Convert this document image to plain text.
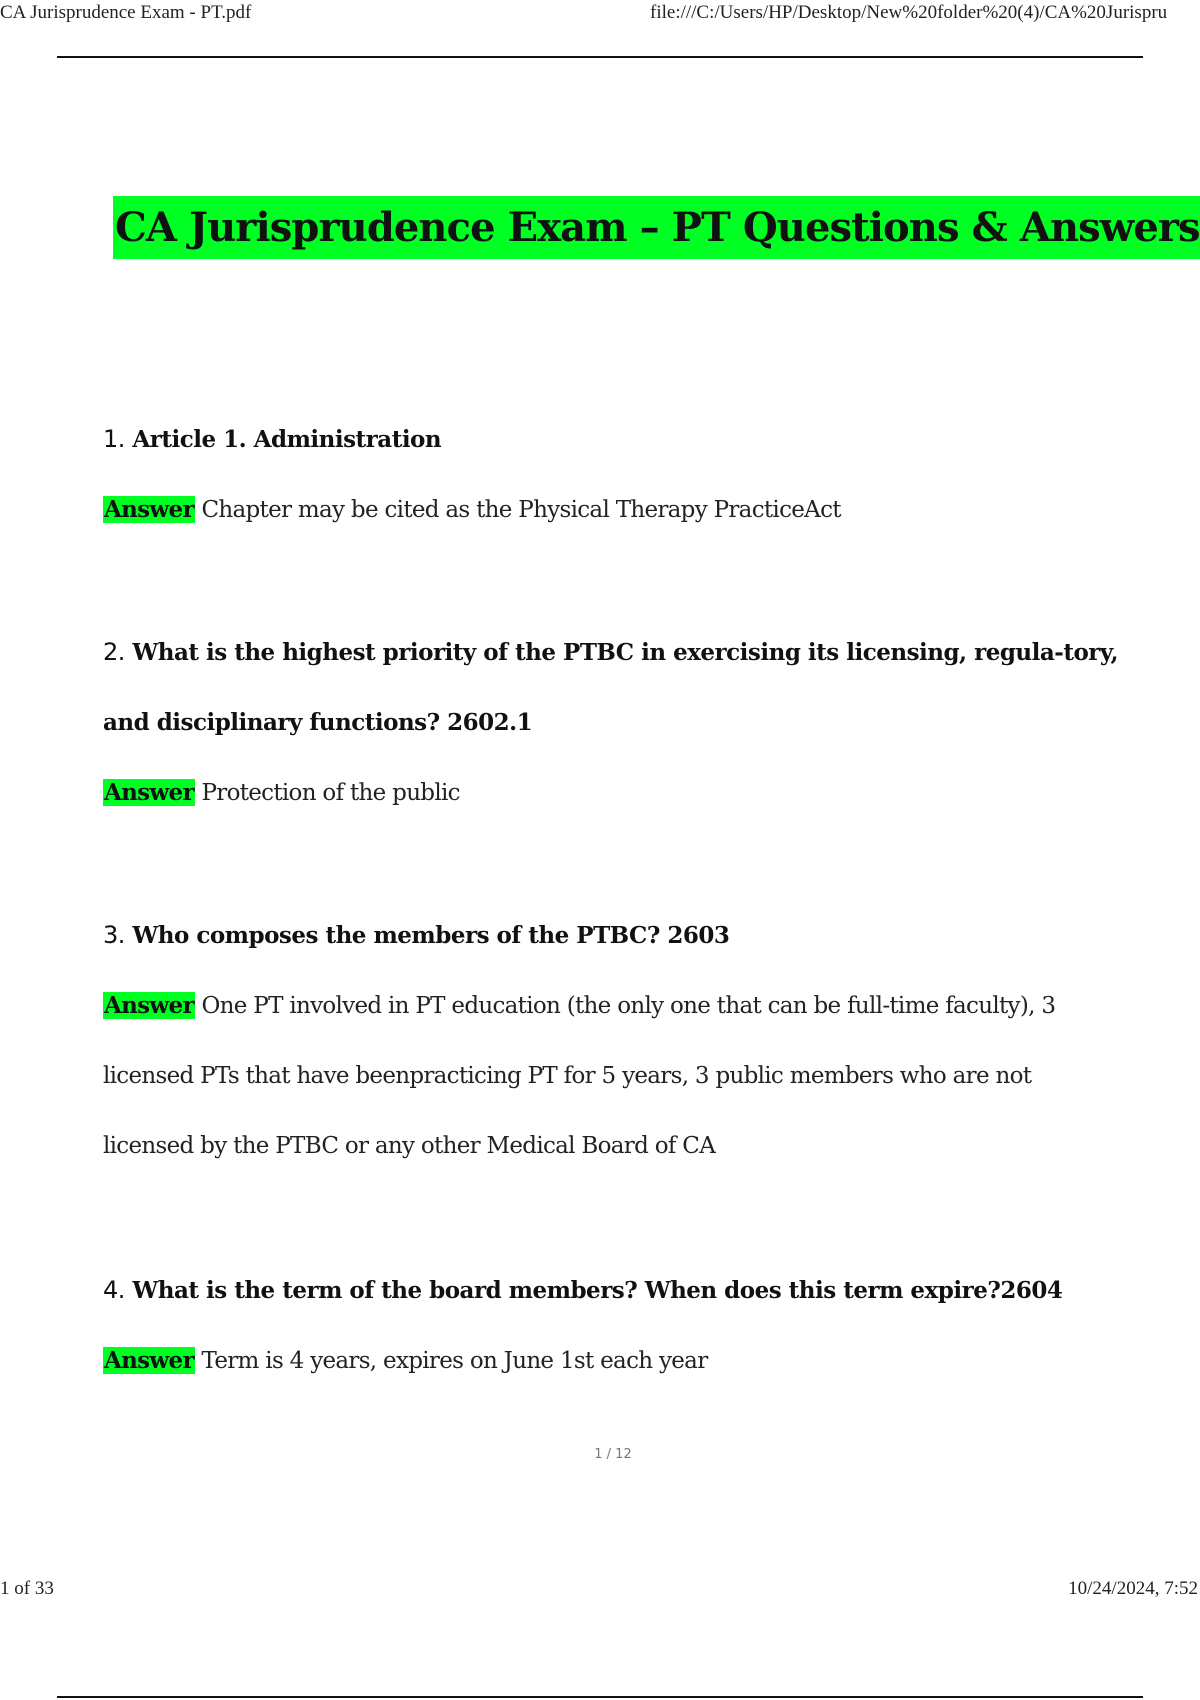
CA Jurisprudence Exam - PT.pdf	file:///C:/Users/HP/Desktop/New%20folder%20(4)/CA%20Jurispru
CA Jurisprudence Exam – PT Questions & Answers
1. Article 1. Administration
Answer Chapter may be cited as the Physical Therapy PracticeAct
2. What is the highest priority of the PTBC in exercising its licensing, regula-tory, and disciplinary functions? 2602.1
Answer Protection of the public
3. Who composes the members of the PTBC? 2603
Answer One PT involved in PT education (the only one that can be full-time faculty), 3 licensed PTs that have beenpracticing PT for 5 years, 3 public members who are not licensed by the PTBC or any other Medical Board of CA
4. What is the term of the board members? When does this term expire?2604
Answer Term is 4 years, expires on June 1st each year
1 / 12
1 of 33	10/24/2024, 7:52
